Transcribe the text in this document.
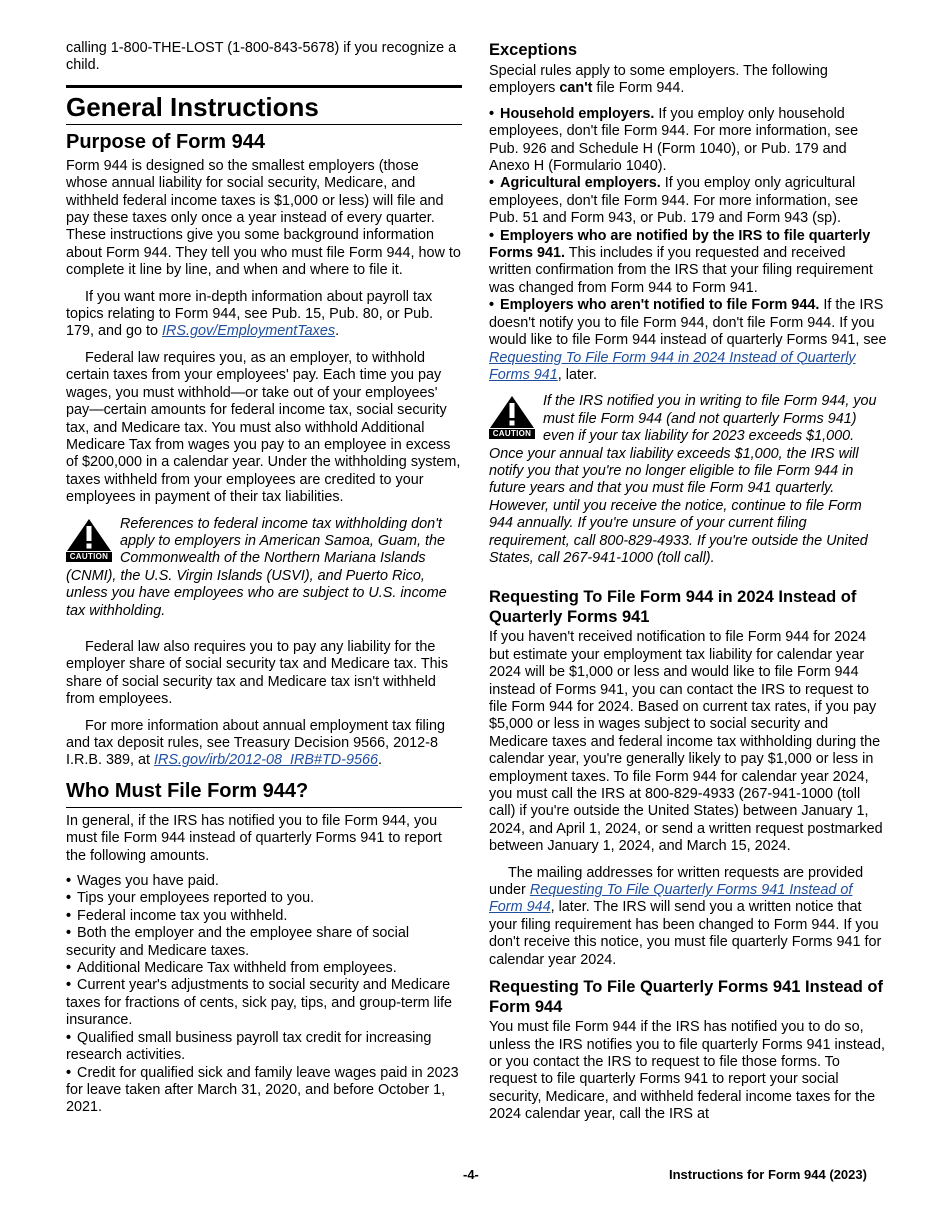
calling 1-800-THE-LOST (1-800-843-5678) if you recognize a child.

General Instructions
Purpose of Form 944

Form 944 is designed so the smallest employers (those whose annual liability for social security, Medicare, and withheld federal income taxes is $1,000 or less) will file and pay these taxes only once a year instead of every quarter. These instructions give you some background information about Form 944. They tell you who must file Form 944, how to complete it line by line, and when and where to file it.

If you want more in-depth information about payroll tax topics relating to Form 944, see Pub. 15, Pub. 80, or Pub. 179, and go to IRS.gov/EmploymentTaxes.

Federal law requires you, as an employer, to withhold certain taxes from your employees' pay. Each time you pay wages, you must withhold—or take out of your employees' pay—certain amounts for federal income tax, social security tax, and Medicare tax. You must also withhold Additional Medicare Tax from wages you pay to an employee in excess of $200,000 in a calendar year. Under the withholding system, taxes withheld from your employees are credited to your employees in payment of their tax liabilities.

CAUTION
References to federal income tax withholding don't apply to employers in American Samoa, Guam, the Commonwealth of the Northern Mariana Islands (CNMI), the U.S. Virgin Islands (USVI), and Puerto Rico, unless you have employees who are subject to U.S. income tax withholding.

Federal law also requires you to pay any liability for the employer share of social security tax and Medicare tax. This share of social security tax and Medicare tax isn't withheld from employees.

For more information about annual employment tax filing and tax deposit rules, see Treasury Decision 9566, 2012-8 I.R.B. 389, at IRS.gov/irb/2012-08_IRB#TD-9566.

Who Must File Form 944?

In general, if the IRS has notified you to file Form 944, you must file Form 944 instead of quarterly Forms 941 to report the following amounts.

• Wages you have paid.
• Tips your employees reported to you.
• Federal income tax you withheld.
• Both the employer and the employee share of social security and Medicare taxes.
• Additional Medicare Tax withheld from employees.
• Current year's adjustments to social security and Medicare taxes for fractions of cents, sick pay, tips, and group-term life insurance.
• Qualified small business payroll tax credit for increasing research activities.
• Credit for qualified sick and family leave wages paid in 2023 for leave taken after March 31, 2020, and before October 1, 2021.
Exceptions

Special rules apply to some employers. The following employers can't file Form 944.

• Household employers. If you employ only household employees, don't file Form 944. For more information, see Pub. 926 and Schedule H (Form 1040), or Pub. 179 and Anexo H (Formulario 1040).
• Agricultural employers. If you employ only agricultural employees, don't file Form 944. For more information, see Pub. 51 and Form 943, or Pub. 179 and Form 943 (sp).
• Employers who are notified by the IRS to file quarterly Forms 941. This includes if you requested and received written confirmation from the IRS that your filing requirement was changed from Form 944 to Form 941.
• Employers who aren't notified to file Form 944. If the IRS doesn't notify you to file Form 944, don't file Form 944. If you would like to file Form 944 instead of quarterly Forms 941, see Requesting To File Form 944 in 2024 Instead of Quarterly Forms 941, later.
CAUTION
If the IRS notified you in writing to file Form 944, you must file Form 944 (and not quarterly Forms 941) even if your tax liability for 2023 exceeds $1,000. Once your annual tax liability exceeds $1,000, the IRS will notify you that you're no longer eligible to file Form 944 in future years and that you must file Form 941 quarterly. However, until you receive the notice, continue to file Form 944 annually. If you're unsure of your current filing requirement, call 800-829-4933. If you're outside the United States, call 267-941-1000 (toll call).
Requesting To File Form 944 in 2024 Instead of Quarterly Forms 941

If you haven't received notification to file Form 944 for 2024 but estimate your employment tax liability for calendar year 2024 will be $1,000 or less and would like to file Form 944 instead of Forms 941, you can contact the IRS to request to file Form 944 for 2024. Based on current tax rates, if you pay $5,000 or less in wages subject to social security and Medicare taxes and federal income tax withholding during the calendar year, you're generally likely to pay $1,000 or less in employment taxes. To file Form 944 for calendar year 2024, you must call the IRS at 800-829-4933 (267-941-1000 (toll call) if you're outside the United States) between January 1, 2024, and April 1, 2024, or send a written request postmarked between January 1, 2024, and March 15, 2024.

The mailing addresses for written requests are provided under Requesting To File Quarterly Forms 941 Instead of Form 944, later. The IRS will send you a written notice that your filing requirement has been changed to Form 944. If you don't receive this notice, you must file quarterly Forms 941 for calendar year 2024.

Requesting To File Quarterly Forms 941 Instead of Form 944

You must file Form 944 if the IRS has notified you to do so, unless the IRS notifies you to file quarterly Forms 941 instead, or you contact the IRS to request to file those forms. To request to file quarterly Forms 941 to report your social security, Medicare, and withheld federal income taxes for the 2024 calendar year, call the IRS at

-4-	Instructions for Form 944 (2023)
